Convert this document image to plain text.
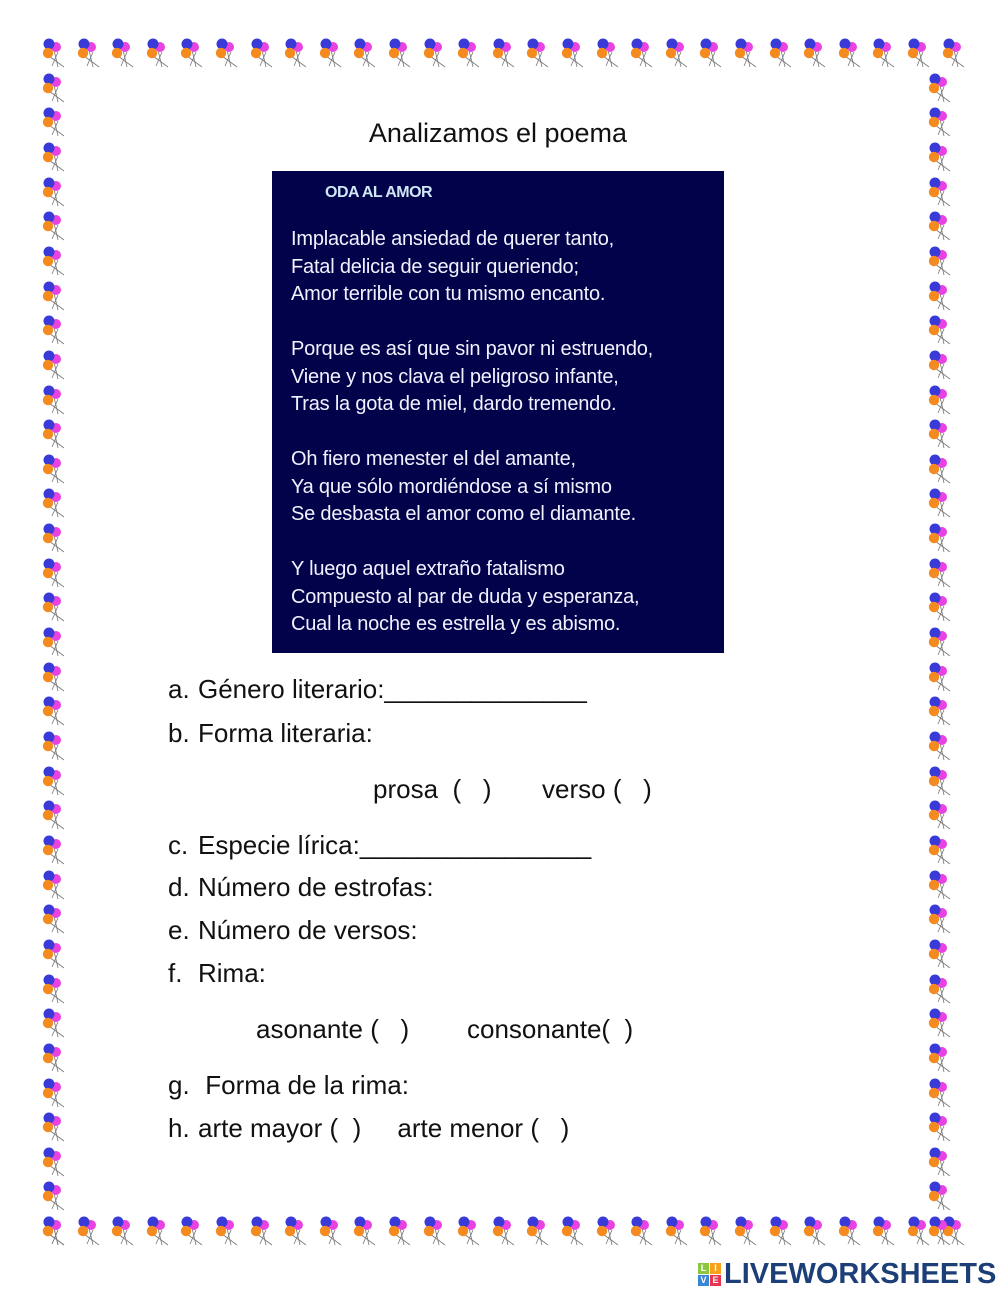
Analizamos el poema
ODA AL AMOR
Implacable ansiedad de querer tanto,
Fatal delicia de seguir queriendo;
Amor terrible con tu mismo encanto.
Porque es así que sin pavor ni estruendo,
Viene y nos clava el peligroso infante,
Tras la gota de miel, dardo tremendo.
Oh fiero menester el del amante,
Ya que sólo mordiéndose a sí mismo
Se desbasta el amor como el diamante.
Y luego aquel extraño fatalismo
Compuesto al par de duda y esperanza,
Cual la noche es estrella y es abismo.
a. Género literario:______________
b. Forma literaria:
prosa  (   )       verso (   )
c. Especie lírica:________________
d. Número de estrofas:
e. Número de versos:
f. Rima:
asonante (   )        consonante(  )
g. Forma de la rima:
h. arte mayor (  )     arte menor (   )
L I
V E LIVEWORKSHEETS
